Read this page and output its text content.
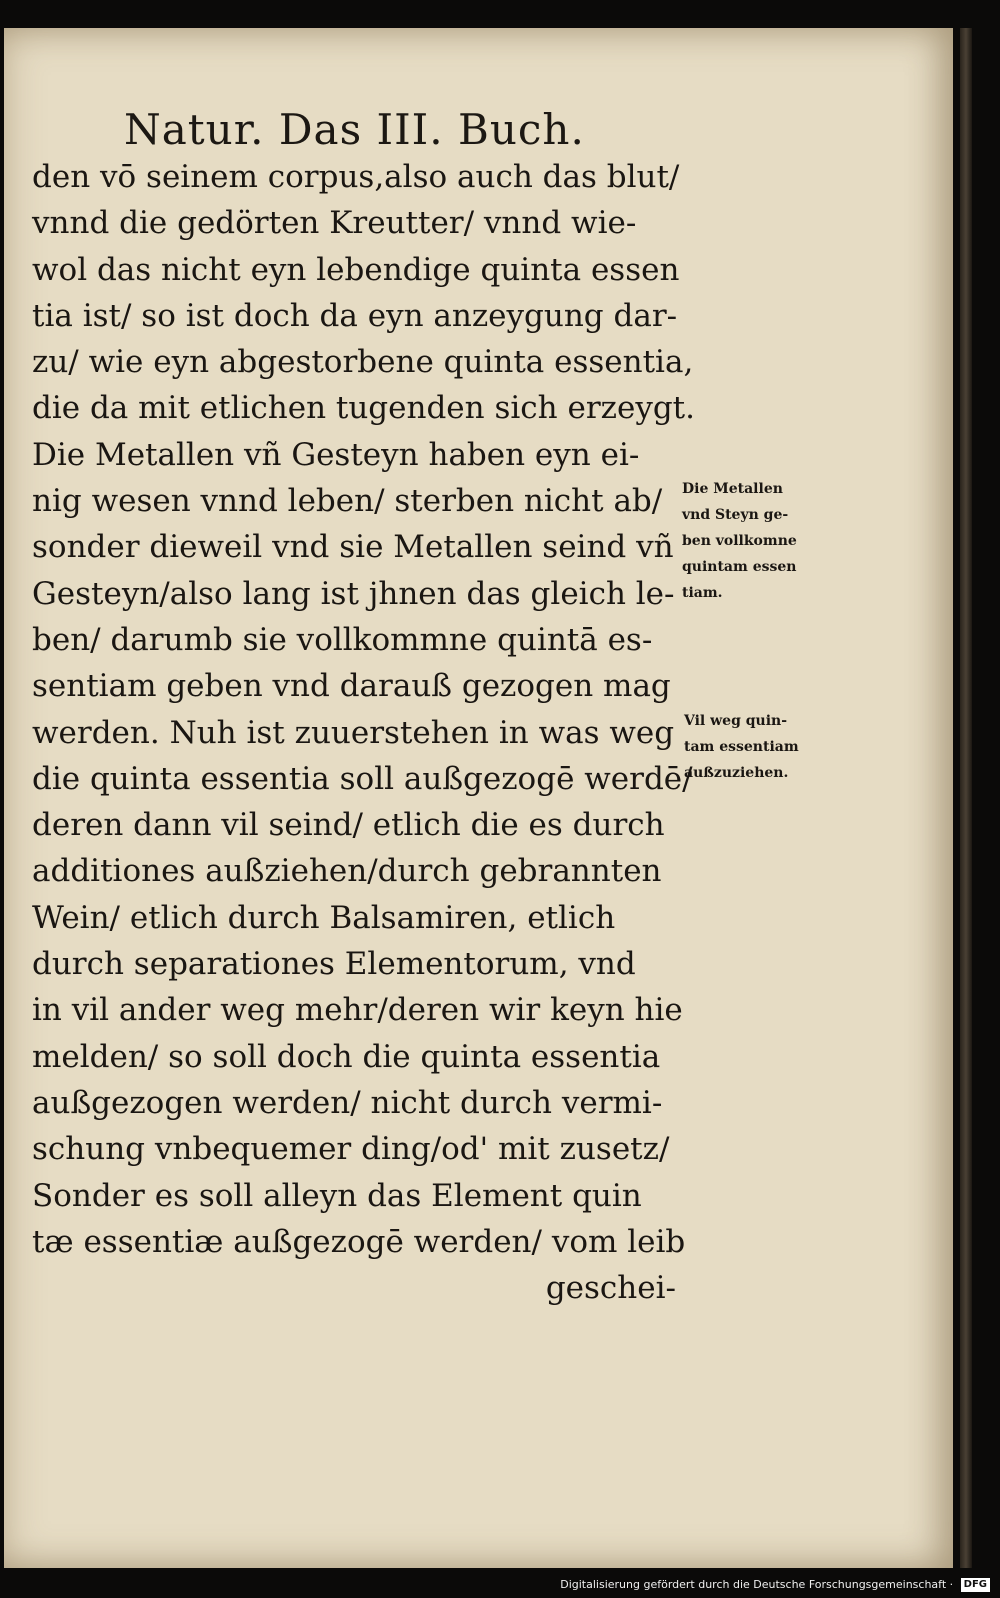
Natur. Das III. Buch.
den vō seinem corpus,also auch das blut/
vnnd die gedörten Kreutter/ vnnd wie-
wol das nicht eyn lebendige quinta essen
tia ist/ so ist doch da eyn anzeygung dar-
zu/ wie eyn abgestorbene quinta essentia,
die da mit etlichen tugenden sich erzeygt.
Die Metallen vñ Gesteyn haben eyn ei-
nig wesen vnnd leben/ sterben nicht ab/
sonder dieweil vnd sie Metallen seind vñ
Gesteyn/also lang ist jhnen das gleich le-
ben/ darumb sie vollkommne quintā es-
sentiam geben vnd darauß gezogen mag
werden. Nuh ist zuuerstehen in was weg
die quinta essentia soll außgezogē werdē/
deren dann vil seind/ etlich die es durch
additiones außziehen/durch gebrannten
Wein/ etlich durch Balsamiren, etlich
durch separationes Elementorum, vnd
in vil ander weg mehr/deren wir keyn hie
melden/ so soll doch die quinta essentia
außgezogen werden/ nicht durch vermi-
schung vnbequemer ding/od' mit zusetz/
Sonder es soll alleyn das Element quin
tæ essentiæ außgezogē werden/ vom leib
geschei-
Die Metallen
vnd Steyn ge-
ben vollkomne
quintam essen
tiam.
Vil weg quin-
tam essentiam
außzuziehen.
Digitalisierung gefördert durch die Deutsche Forschungsgemeinschaft · DFG
